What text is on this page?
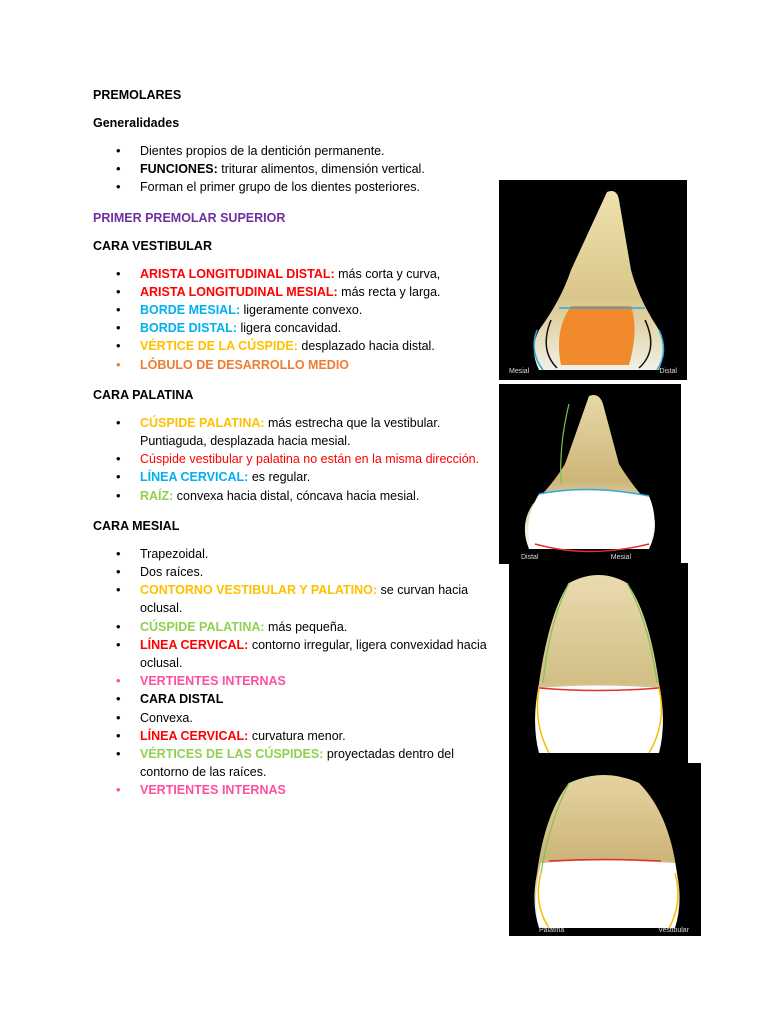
PREMOLARES
Generalidades
• Dientes propios de la dentición permanente.
• FUNCIONES: triturar alimentos, dimensión vertical.
• Forman el primer grupo de los dientes posteriores.
PRIMER PREMOLAR SUPERIOR
CARA VESTIBULAR
• ARISTA LONGITUDINAL DISTAL: más corta y curva,
• ARISTA LONGITUDINAL MESIAL: más recta y larga.
• BORDE MESIAL: ligeramente convexo.
• BORDE DISTAL: ligera concavidad.
• VÉRTICE DE LA CÚSPIDE: desplazado hacia distal.
• LÓBULO DE DESARROLLO MEDIO
CARA PALATINA
• CÚSPIDE PALATINA: más estrecha que la vestibular. Puntiaguda, desplazada hacia mesial.
• Cúspide vestibular y palatina no están en la misma dirección.
• LÍNEA CERVICAL: es regular.
• RAÍZ: convexa hacia distal, cóncava hacia mesial.
CARA MESIAL
• Trapezoidal.
• Dos raíces.
• CONTORNO VESTIBULAR Y PALATINO: se curvan hacia oclusal.
• CÚSPIDE PALATINA: más pequeña.
• LÍNEA CERVICAL: contorno irregular, ligera convexidad hacia oclusal.
• VERTIENTES INTERNAS
• CARA DISTAL
• Convexa.
• LÍNEA CERVICAL: curvatura menor.
• VÉRTICES DE LAS CÚSPIDES: proyectadas dentro del contorno de las raíces.
• VERTIENTES INTERNAS
Mesial	Distal
Distal	Mesial
Palatina	Vestibular
